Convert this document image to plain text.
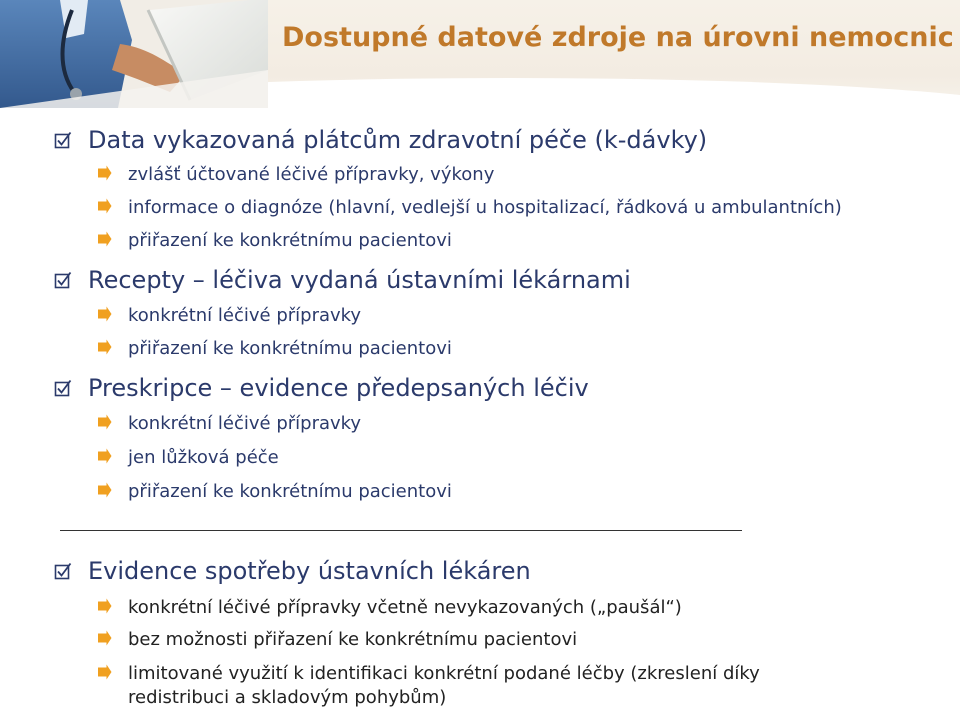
Dostupné datové zdroje na úrovni nemocnic
Data vykazovaná plátcům zdravotní péče (k-dávky)
zvlášť účtované léčivé přípravky, výkony
informace o diagnóze (hlavní, vedlejší u hospitalizací, řádková u ambulantních)
přiřazení ke konkrétnímu pacientovi
Recepty – léčiva vydaná ústavními lékárnami
konkrétní léčivé přípravky
přiřazení ke konkrétnímu pacientovi
Preskripce – evidence předepsaných léčiv
konkrétní léčivé přípravky
jen lůžková péče
přiřazení ke konkrétnímu pacientovi
Evidence spotřeby ústavních lékáren
konkrétní léčivé přípravky včetně nevykazovaných („paušál“)
bez možnosti přiřazení ke konkrétnímu pacientovi
limitované využití k identifikaci konkrétní podané léčby (zkreslení díky
redistribuci a skladovým pohybům)
